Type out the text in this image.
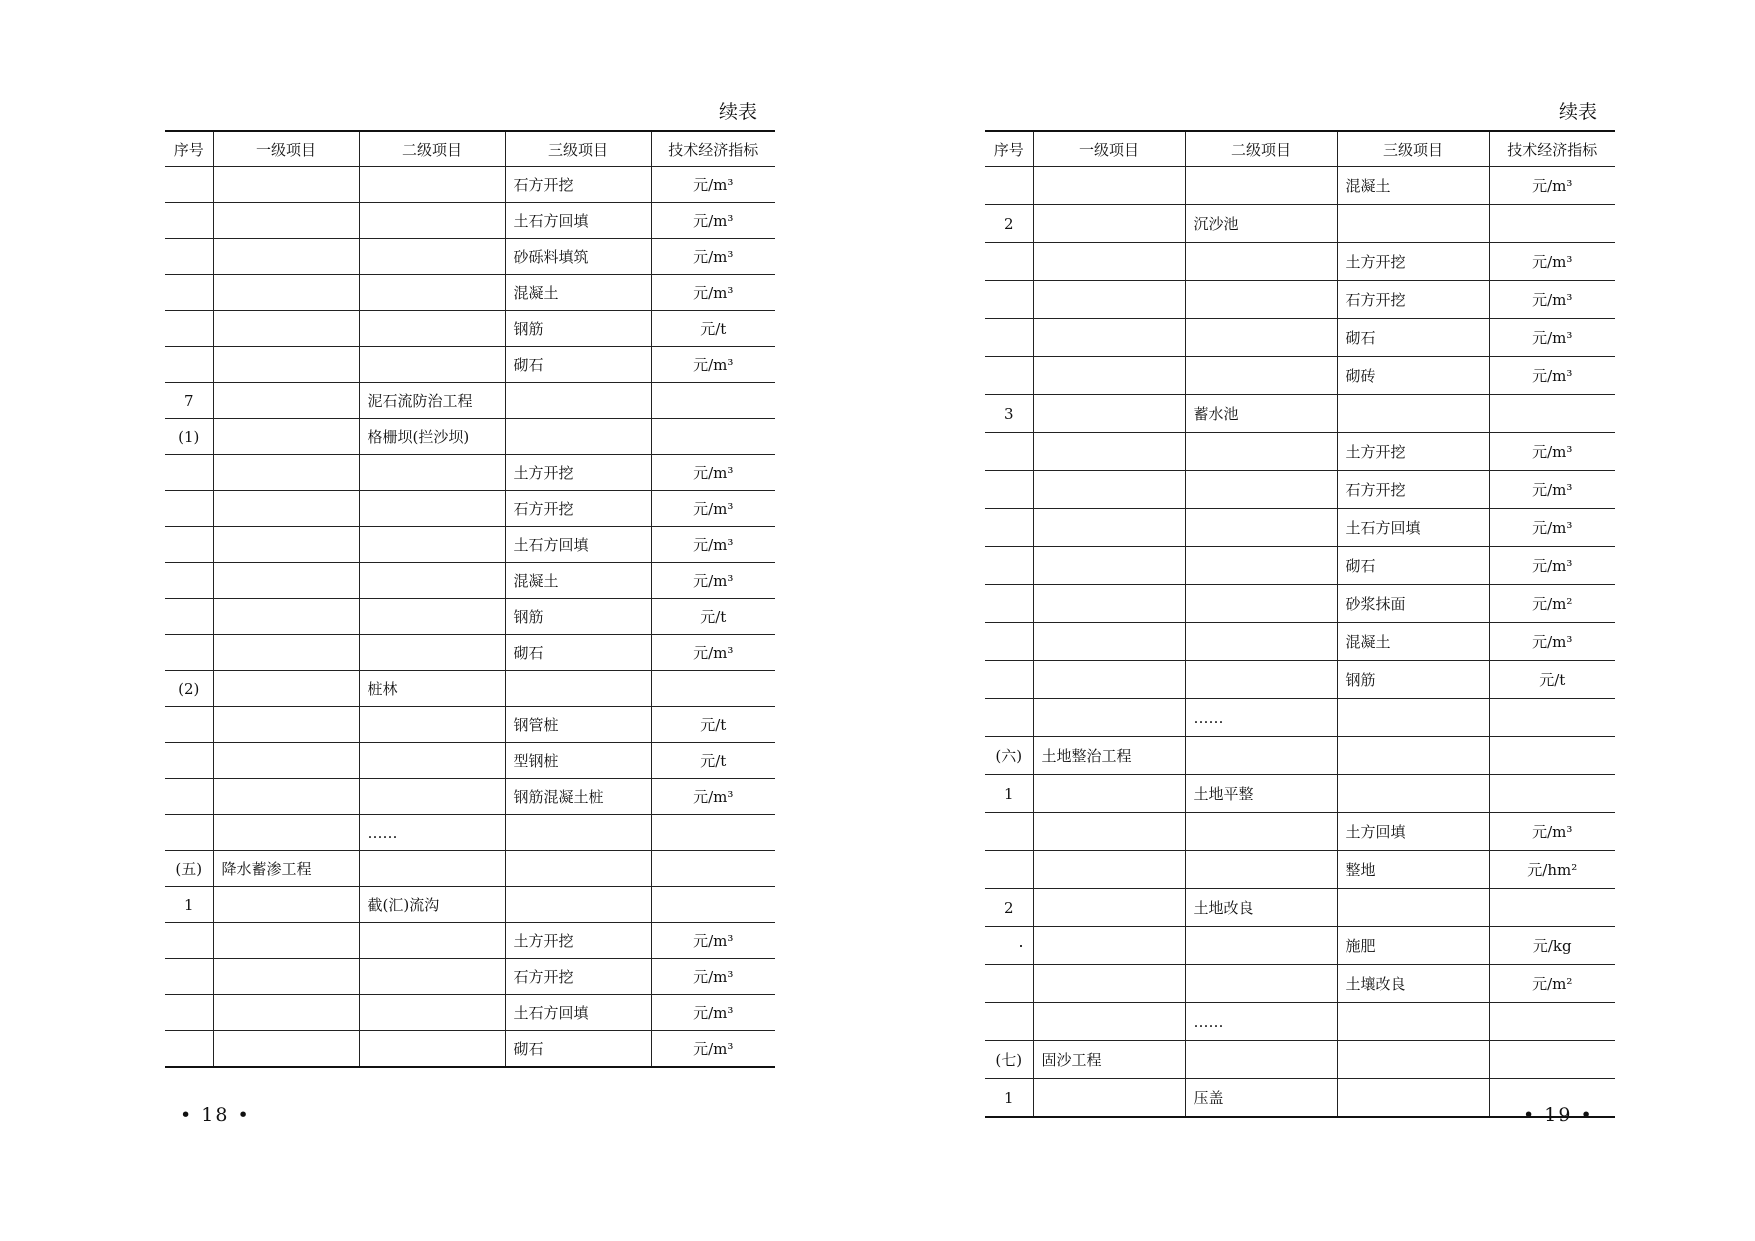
续表
序号	一级项目	二级项目	三级项目	技术经济指标
			石方开挖	元/m³
			土石方回填	元/m³
			砂砾料填筑	元/m³
			混凝土	元/m³
			钢筋	元/t
			砌石	元/m³
7		泥石流防治工程		
(1)		格栅坝(拦沙坝)		
			土方开挖	元/m³
			石方开挖	元/m³
			土石方回填	元/m³
			混凝土	元/m³
			钢筋	元/t
			砌石	元/m³
(2)		桩林		
			钢管桩	元/t
			型钢桩	元/t
			钢筋混凝土桩	元/m³
		……		
(五)	降水蓄渗工程			
1		截(汇)流沟		
			土方开挖	元/m³
			石方开挖	元/m³
			土石方回填	元/m³
			砌石	元/m³
• 18 •
续表
序号	一级项目	二级项目	三级项目	技术经济指标
			混凝土	元/m³
2		沉沙池		
			土方开挖	元/m³
			石方开挖	元/m³
			砌石	元/m³
			砌砖	元/m³
3		蓄水池		
			土方开挖	元/m³
			石方开挖	元/m³
			土石方回填	元/m³
			砌石	元/m³
			砂浆抹面	元/m²
			混凝土	元/m³
			钢筋	元/t
		……		
(六)	土地整治工程			
1		土地平整		
			土方回填	元/m³
			整地	元/hm²
2		土地改良		
			施肥	元/kg
			土壤改良	元/m²
		……		
(七)	固沙工程			
1		压盖		
• 19 •
